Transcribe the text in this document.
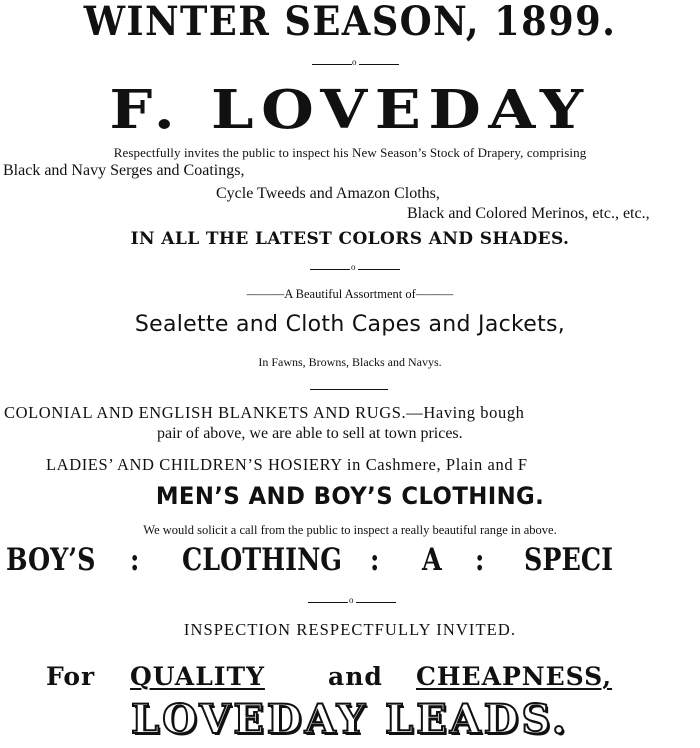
WINTER SEASON, 1899.
o
F. LOVEDAY
Respectfully invites the public to inspect his New Season’s Stock of Drapery, comprising
Black and Navy Serges and Coatings,
Cycle Tweeds and Amazon Cloths,
Black and Colored Merinos, etc., etc.,
IN ALL THE LATEST COLORS AND SHADES.
o
———A Beautiful Assortment of———
Sealette and Cloth Capes and Jackets,
In Fawns, Browns, Blacks and Navys.
COLONIAL AND ENGLISH BLANKETS AND RUGS.—Having bough
pair of above, we are able to sell at town prices.
LADIES’ AND CHILDREN’S HOSIERY in Cashmere, Plain and F
MEN’S AND BOY’S CLOTHING.
We would solicit a call from the public to inspect a really beautiful range in above.
BOY’S : CLOTHING : A : SPECI
o
INSPECTION RESPECTFULLY INVITED.
For QUALITY	and CHEAPNESS,
LOVEDAY LEADS.
